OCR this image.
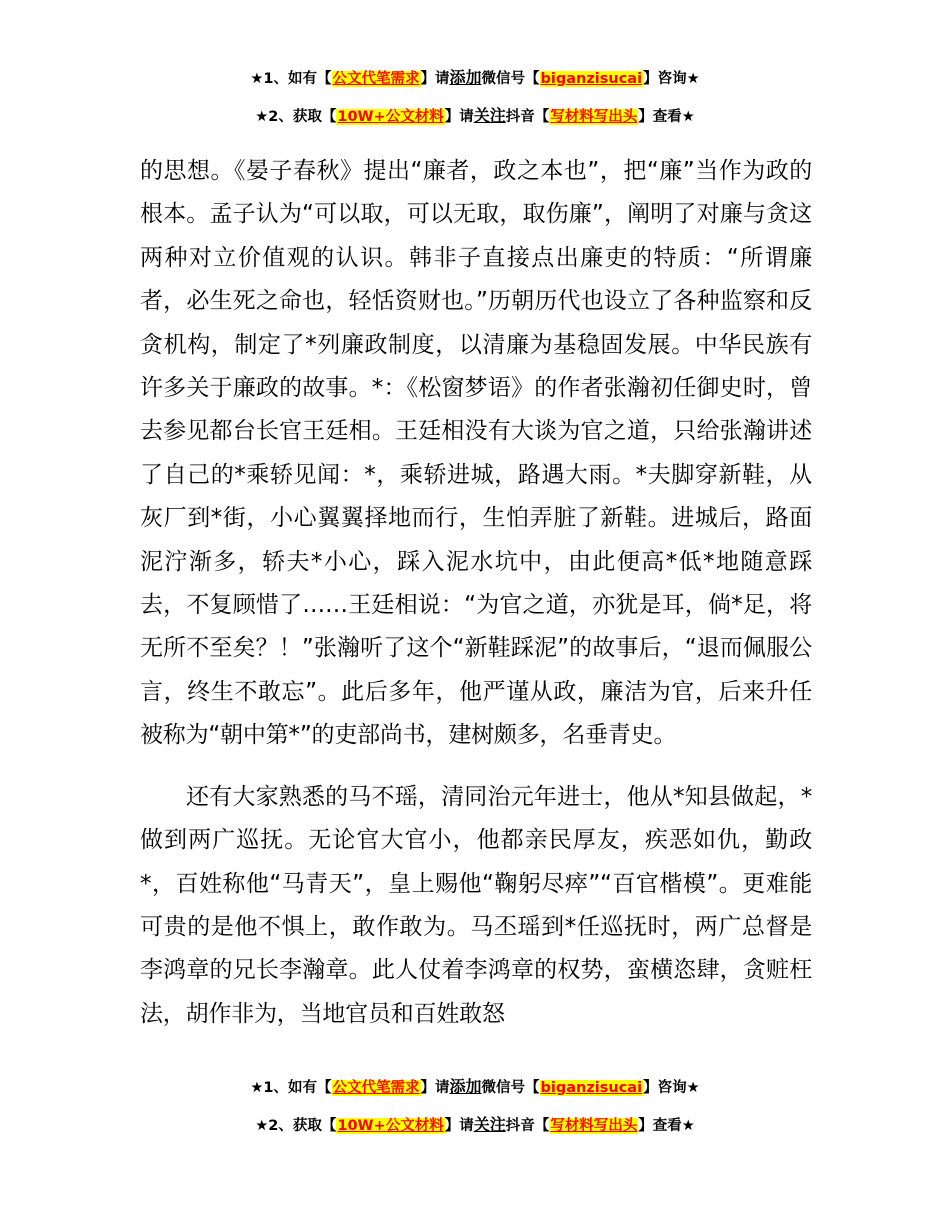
★1、如有【公文代笔需求】请添加微信号【biganzisucai】咨询★
★2、获取【10W+公文材料】请关注抖音【写材料写出头】查看★

的思想。《晏子春秋》提出“廉者，政之本也”，把“廉”当作为政的根本。孟子认为“可以取，可以无取，取伤廉”，阐明了对廉与贪这两种对立价值观的认识。韩非子直接点出廉吏的特质：“所谓廉者，必生死之命也，轻恬资财也。”历朝历代也设立了各种监察和反贪机构，制定了*列廉政制度，以清廉为基稳固发展。中华民族有许多关于廉政的故事。*：《松窗梦语》的作者张瀚初任御史时，曾去参见都台长官王廷相。王廷相没有大谈为官之道，只给张瀚讲述了自己的*乘轿见闻：*，乘轿进城，路遇大雨。*夫脚穿新鞋，从灰厂到*街，小心翼翼择地而行，生怕弄脏了新鞋。进城后，路面泥泞渐多，轿夫*小心，踩入泥水坑中，由此便高*低*地随意踩去，不复顾惜了……王廷相说：“为官之道，亦犹是耳，倘*足，将无所不至矣？！”张瀚听了这个“新鞋踩泥”的故事后，“退而佩服公言，终生不敢忘”。此后多年，他严谨从政，廉洁为官，后来升任被称为“朝中第*”的吏部尚书，建树颇多，名垂青史。

还有大家熟悉的马不瑶，清同治元年进士，他从*知县做起，*做到两广巡抚。无论官大官小，他都亲民厚友，疾恶如仇，勤政*，百姓称他“马青天”，皇上赐他“鞠躬尽瘁”“百官楷模”。更难能可贵的是他不惧上，敢作敢为。马丕瑶到*任巡抚时，两广总督是李鸿章的兄长李瀚章。此人仗着李鸿章的权势，蛮横恣肆，贪赃枉法，胡作非为，当地官员和百姓敢怒

★1、如有【公文代笔需求】请添加微信号【biganzisucai】咨询★
★2、获取【10W+公文材料】请关注抖音【写材料写出头】查看★
